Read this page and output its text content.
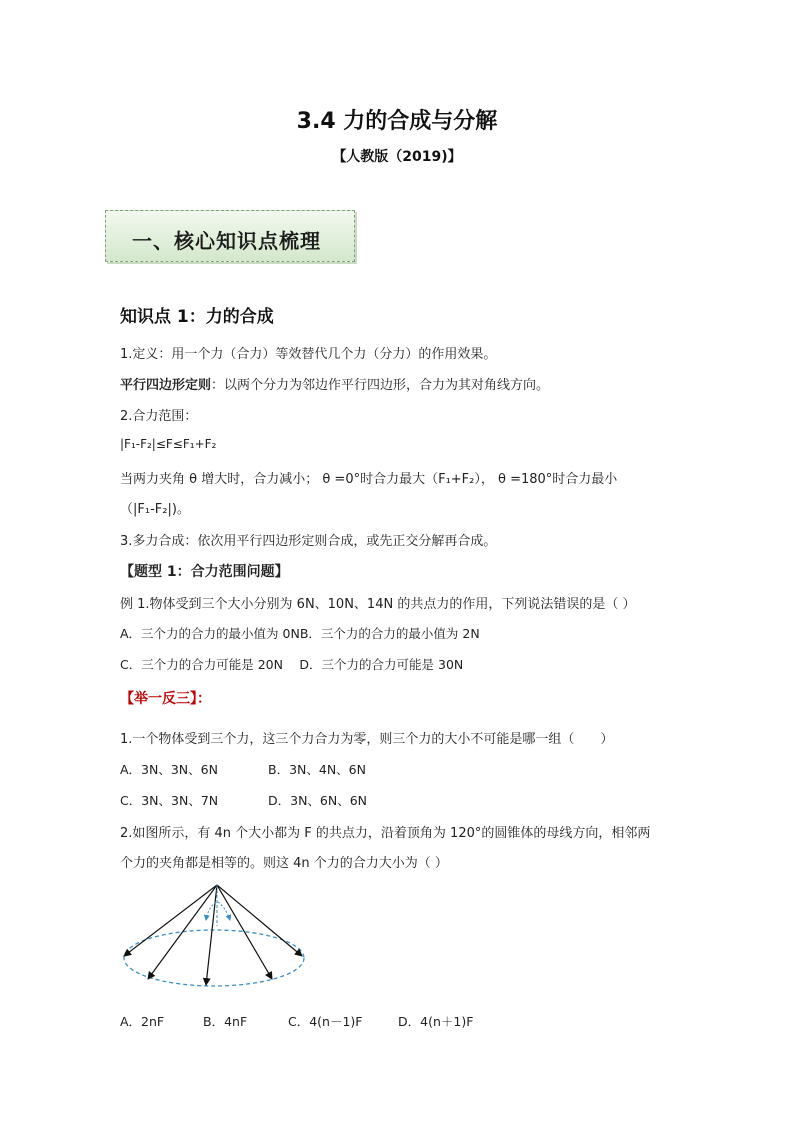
3.4 力的合成与分解
【人教版（2019)】
一、核心知识点梳理
知识点 1：力的合成
1.定义：用一个力（合力）等效替代几个力（分力）的作用效果。
平行四边形定则：以两个分力为邻边作平行四边形，合力为其对角线方向。
2.合力范围：
|F₁-F₂|≤F≤F₁+F₂
当两力夹角 θ 增大时，合力减小； θ =0°时合力最大（F₁+F₂）， θ =180°时合力最小
（|F₁-F₂|)。
3.多力合成：依次用平行四边形定则合成，或先正交分解再合成。
【题型 1：合力范围问题】
例 1.物体受到三个大小分别为 6N、10N、14N 的共点力的作用，下列说法错误的是（ ）
A．三个力的合力的最小值为 0NB．三个力的合力的最小值为 2N
C．三个力的合力可能是 20N　 D．三个力的合力可能是 30N
【举一反三】：
1.一个物体受到三个力，这三个力合力为零，则三个力的大小不可能是哪一组（　　）
A．3N、3N、6N	B．3N、4N、6N
C．3N、3N、7N	D．3N、6N、6N
2.如图所示，有 4n 个大小都为 F 的共点力，沿着顶角为 120°的圆锥体的母线方向，相邻两
个力的夹角都是相等的。则这 4n 个力的合力大小为（ ）
A．2nF	B．4nF	C．4(n－1)F	D．4(n＋1)F
